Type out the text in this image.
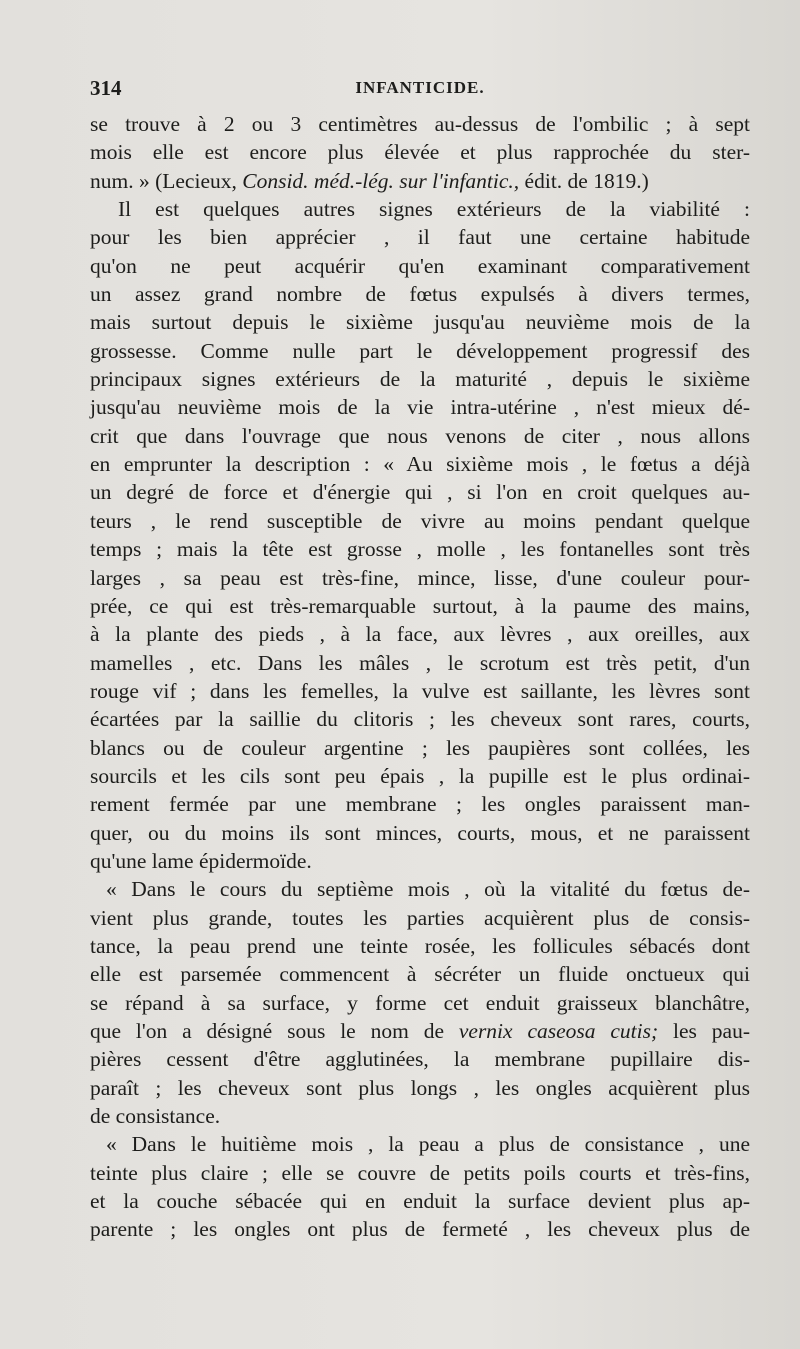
314	INFANTICIDE.
se trouve à 2 ou 3 centimètres au-dessus de l'ombilic ; à sept
mois elle est encore plus élevée et plus rapprochée du ster-
num. » (Lecieux, Consid. méd.-lég. sur l'infantic., édit. de 1819.)
Il est quelques autres signes extérieurs de la viabilité :
pour les bien apprécier , il faut une certaine habitude
qu'on ne peut acquérir qu'en examinant comparativement
un assez grand nombre de fœtus expulsés à divers termes,
mais surtout depuis le sixième jusqu'au neuvième mois de la
grossesse. Comme nulle part le développement progressif des
principaux signes extérieurs de la maturité , depuis le sixième
jusqu'au neuvième mois de la vie intra-utérine , n'est mieux dé-
crit que dans l'ouvrage que nous venons de citer , nous allons
en emprunter la description : « Au sixième mois , le fœtus a déjà
un degré de force et d'énergie qui , si l'on en croit quelques au-
teurs , le rend susceptible de vivre au moins pendant quelque
temps ; mais la tête est grosse , molle , les fontanelles sont très
larges , sa peau est très-fine, mince, lisse, d'une couleur pour-
prée, ce qui est très-remarquable surtout, à la paume des mains,
à la plante des pieds , à la face, aux lèvres , aux oreilles, aux
mamelles , etc. Dans les mâles , le scrotum est très petit, d'un
rouge vif ; dans les femelles, la vulve est saillante, les lèvres sont
écartées par la saillie du clitoris ; les cheveux sont rares, courts,
blancs ou de couleur argentine ; les paupières sont collées, les
sourcils et les cils sont peu épais , la pupille est le plus ordinai-
rement fermée par une membrane ; les ongles paraissent man-
quer, ou du moins ils sont minces, courts, mous, et ne paraissent
qu'une lame épidermoïde.
« Dans le cours du septième mois , où la vitalité du fœtus de-
vient plus grande, toutes les parties acquièrent plus de consis-
tance, la peau prend une teinte rosée, les follicules sébacés dont
elle est parsemée commencent à sécréter un fluide onctueux qui
se répand à sa surface, y forme cet enduit graisseux blanchâtre,
que l'on a désigné sous le nom de vernix caseosa cutis; les pau-
pières cessent d'être agglutinées, la membrane pupillaire dis-
paraît ; les cheveux sont plus longs , les ongles acquièrent plus
de consistance.
« Dans le huitième mois , la peau a plus de consistance , une
teinte plus claire ; elle se couvre de petits poils courts et très-fins,
et la couche sébacée qui en enduit la surface devient plus ap-
parente ; les ongles ont plus de fermeté , les cheveux plus de
